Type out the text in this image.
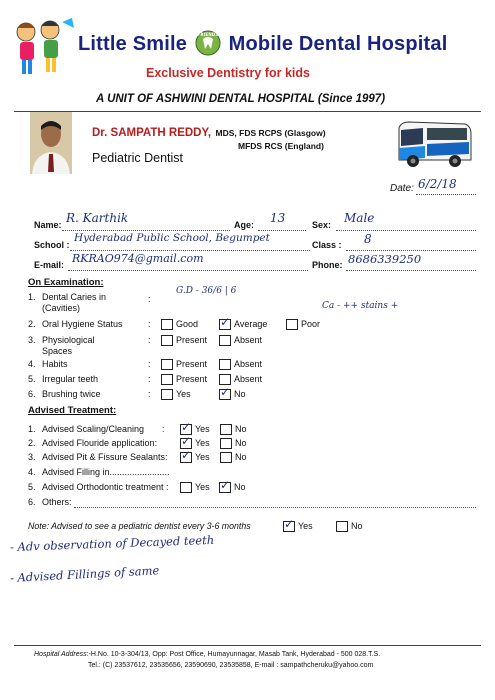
Little Smile	FRIENDS Mobile Dental Hospital
Exclusive Dentistry for kids
A UNIT OF ASHWINI DENTAL HOSPITAL (Since 1997)
Dr. SAMPATH REDDY, MDS, FDS RCPS (Glasgow)
MFDS RCS (England)
Pediatric Dentist
Date: 6/2/18
Name: R. Karthik	Age: 13	Sex: Male
School :
Hyderabad Public School, Begumpet
Class : 8
E-mail: RKRAO974@gmail.com	Phone: 8686339250
On Examination:
1. Dental Caries in
(Cavities)
:
G.D - 36/6 | 6
2. Oral Hygiene Status	:	Good ✓	Average	Poor
Ca - ++ stains +
3. Physiological
Spaces
:	Present	Absent
4. Habits	:	Present	Absent
5. Irregular teeth	:	Present	Absent
6. Brushing twice	:	Yes ✓	No
Advised Treatment:
1. Advised Scaling/Cleaning : ✓	Yes	No
2. Advised Flouride application: ✓	Yes	No
3. Advised Pit & Fissure Sealants: ✓	Yes	No
4. Advised Filling in........................
5. Advised Orthodontic treatment :	Yes ✓	No
6. Others:
Note: Advised to see a pediatric dentist every 3-6 months ✓	Yes	No
- Adv observation of Decayed teeth
- Advised Fillings of same
Hospital Address:-H.No. 10-3-304/13, Opp: Post Office, Humayunnagar, Masab Tank, Hyderabad - 500 028.T.S.
Tel.: (C) 23537612, 23535656, 23590690, 23535858, E-mail : sampathcheruku@yahoo.com
